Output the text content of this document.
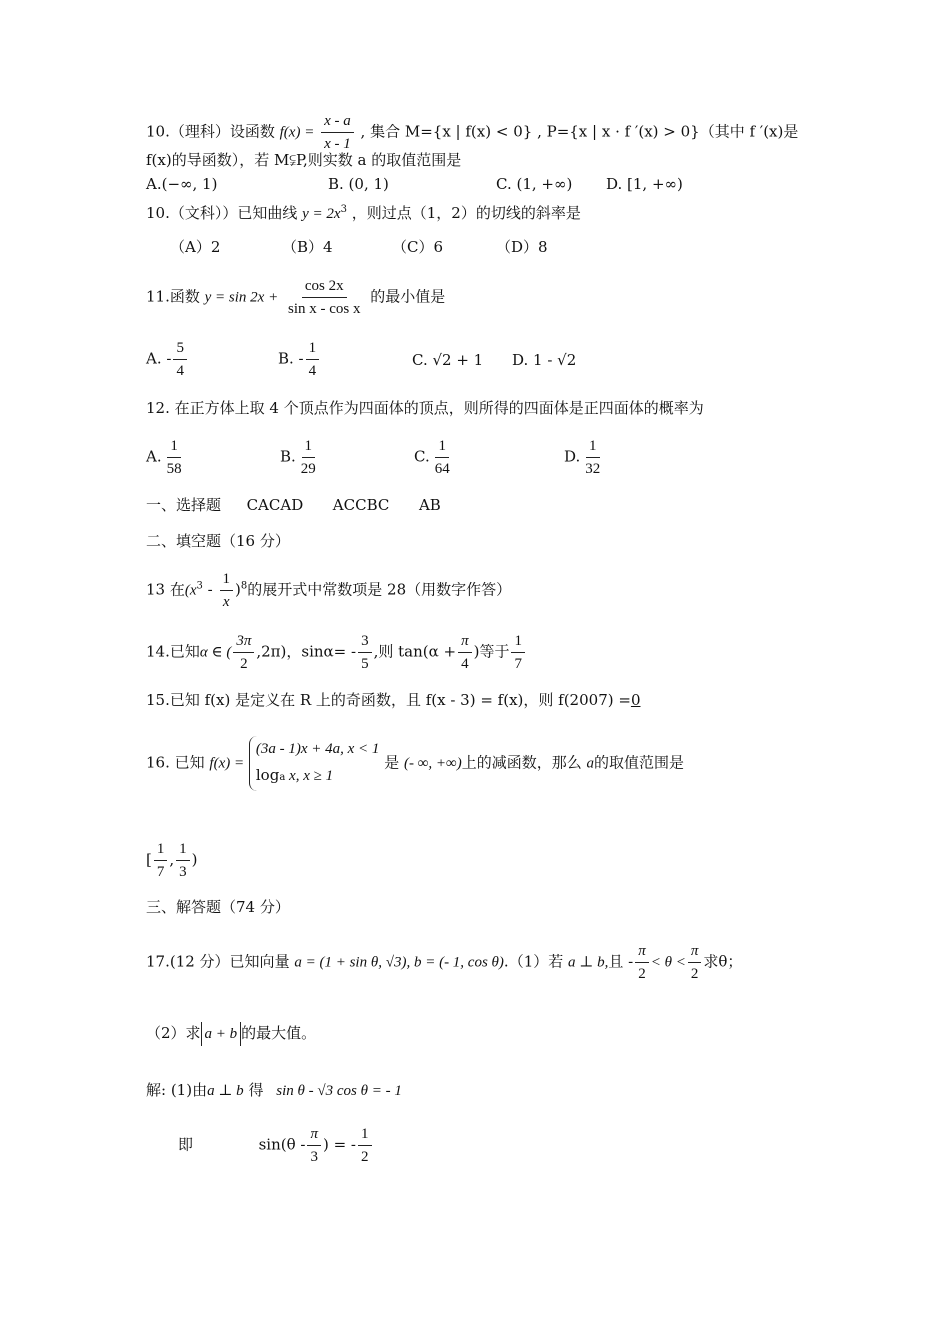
10.（理科）设函数 $f(x) = \frac{x - a}{x - 1}$ , 集合 M={x | f(x) < 0} , P={x | x · f ′(x) > 0}（其中 f ′(x)是
f(x)的导函数），若 M⫋P,则实数 a 的取值范围是
A.(−∞, 1)	B. (0, 1)	C. (1, +∞) D. [1, +∞)
10.（文科））已知曲线 $y = 2x^3$ ，则过点（1，2）的切线的斜率是
（A）2	（B）4	（C）6	（D）8
11.函数 $y = \sin 2x + \frac{\cos 2x}{\text{sin x - cos x}}$ 的最小值是
A. - $\frac{5}{4}$	B. - $\frac{1}{4}$	C. √2 + 1 D. 1 - √2
12. 在正方体上取 4 个顶点作为四面体的顶点，则所得的四面体是正四面体的概率为
A. $\frac{1}{58}$	B. $\frac{1}{29}$	C. $\frac{1}{64}$	D. $\frac{1}{32}$
一、选择题 CACAD ACCBC AB
二、填空题（16 分）
13 在$(x^3 - \frac{1}{x} )^8$的展开式中常数项是 28（用数字作答）
14.已知α ∈ ( $\frac{3\pi}{2} ,2\pi$)，$\sin\alpha= - \frac{3}{5}$ ,则 $\tan(\alpha + \frac{\pi}{4}$ )等于 $\frac{1}{7}$
15.已知 f(x) 是定义在 R 上的奇函数，且 f(x - 3) = f(x)，则 f(2007) =0
16. 已知 f(x) =
(3a - 1)x + 4a, x < 1
loga x, x ≥ 1
是 (- ∞, +∞)上的减函数，那么 a的取值范围是
[ $\frac{1}{7}$ , $\frac{1}{3}$ )
三、解答题（74 分）
17.(12 分）已知向量 a = (1 + sin θ, √3), b = (- 1, cos θ).（1）若 a ⊥ b,且 - $\frac{\pi}{2} < \theta < \frac{\pi}{2}$ 求θ；
（2）求 a + b 的最大值。
解: (1)由a ⊥ b 得 sin θ - √3 cos θ = - 1
即	$\sin(\theta - \frac{\pi}{3}$ ) = - $\frac{1}{2}$
